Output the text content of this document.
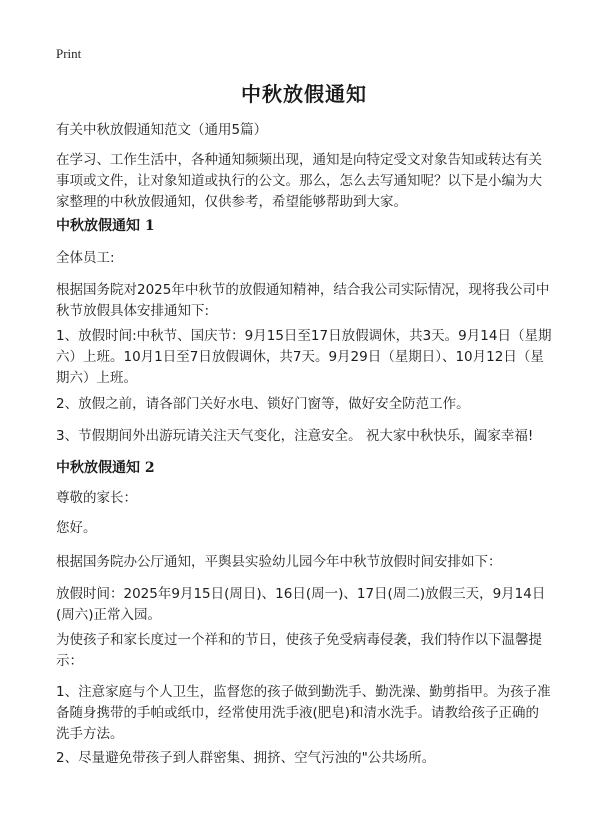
Print
中秋放假通知

有关中秋放假通知范文（通用5篇）

在学习、工作生活中，各种通知频频出现，通知是向特定受文对象告知或转达有关事项或文件，让对象知道或执行的公文。那么，怎么去写通知呢？以下是小编为大家整理的中秋放假通知，仅供参考，希望能够帮助到大家。

中秋放假通知 1

全体员工:

根据国务院对2025年中秋节的放假通知精神，结合我公司实际情况，现将我公司中秋节放假具体安排通知下:

1、放假时间:中秋节、国庆节：9月15日至17日放假调休，共3天。9月14日（星期六）上班。10月1日至7日放假调休，共7天。9月29日（星期日）、10月12日（星期六）上班。

2、放假之前，请各部门关好水电、锁好门窗等，做好安全防范工作。

3、节假期间外出游玩请关注天气变化，注意安全。 祝大家中秋快乐，阖家幸福!

中秋放假通知 2

尊敬的家长：

您好。

根据国务院办公厅通知，平舆县实验幼儿园今年中秋节放假时间安排如下：

放假时间：2025年9月15日(周日)、16日(周一)、17日(周二)放假三天，9月14日(周六)正常入园。

为使孩子和家长度过一个祥和的节日，使孩子免受病毒侵袭，我们特作以下温馨提示：

1、注意家庭与个人卫生，监督您的孩子做到勤洗手、勤洗澡、勤剪指甲。为孩子准备随身携带的手帕或纸巾，经常使用洗手液(肥皂)和清水洗手。请教给孩子正确的洗手方法。

2、尽量避免带孩子到人群密集、拥挤、空气污浊的"公共场所。
